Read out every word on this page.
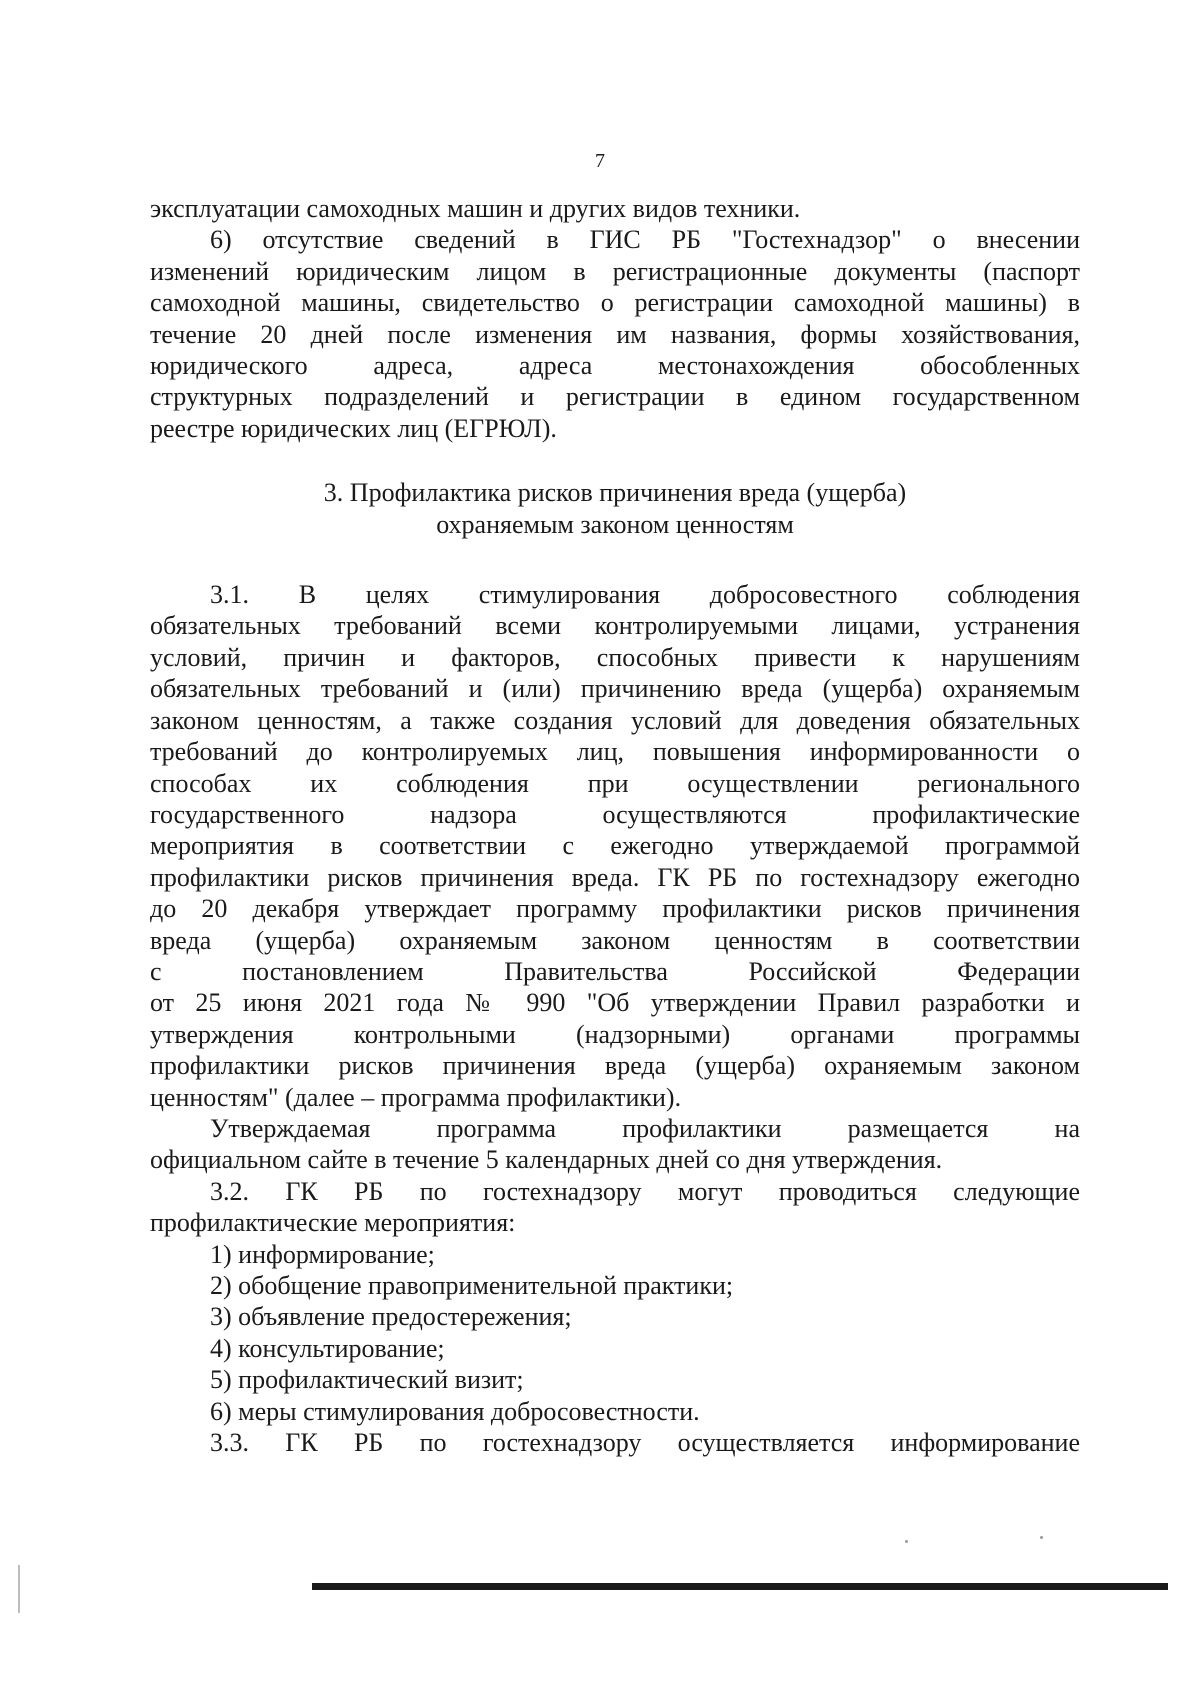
7

эксплуатации самоходных машин и других видов техники.

6) отсутствие сведений в ГИС РБ "Гостехнадзор" о внесении

изменений юридическим лицом в регистрационные документы (паспорт

самоходной машины, свидетельство о регистрации самоходной машины) в

течение 20 дней после изменения им названия, формы хозяйствования,

юридического адреса, адреса местонахождения обособленных

структурных подразделений и регистрации в едином государственном

реестре юридических лиц (ЕГРЮЛ).

3. Профилактика рисков причинения вреда (ущерба)

охраняемым законом ценностям

3.1. В целях стимулирования добросовестного соблюдения

обязательных требований всеми контролируемыми лицами, устранения

условий, причин и факторов, способных привести к нарушениям

обязательных требований и (или) причинению вреда (ущерба) охраняемым

законом ценностям, а также создания условий для доведения обязательных

требований до контролируемых лиц, повышения информированности о

способах их соблюдения при осуществлении регионального

государственного надзора осуществляются профилактические

мероприятия в соответствии с ежегодно утверждаемой программой

профилактики рисков причинения вреда. ГК РБ по гостехнадзору ежегодно

до 20 декабря утверждает программу профилактики рисков причинения

вреда (ущерба) охраняемым законом ценностям в соответствии

с постановлением Правительства Российской Федерации

от 25 июня 2021 года № 990 "Об утверждении Правил разработки и

утверждения контрольными (надзорными) органами программы

профилактики рисков причинения вреда (ущерба) охраняемым законом

ценностям" (далее – программа профилактики).

Утверждаемая программа профилактики размещается на

официальном сайте в течение 5 календарных дней со дня утверждения.

3.2. ГК РБ по гостехнадзору могут проводиться следующие

профилактические мероприятия:

1) информирование;

2) обобщение правоприменительной практики;

3) объявление предостережения;

4) консультирование;

5) профилактический визит;

6) меры стимулирования добросовестности.

3.3. ГК РБ по гостехнадзору осуществляется информирование
